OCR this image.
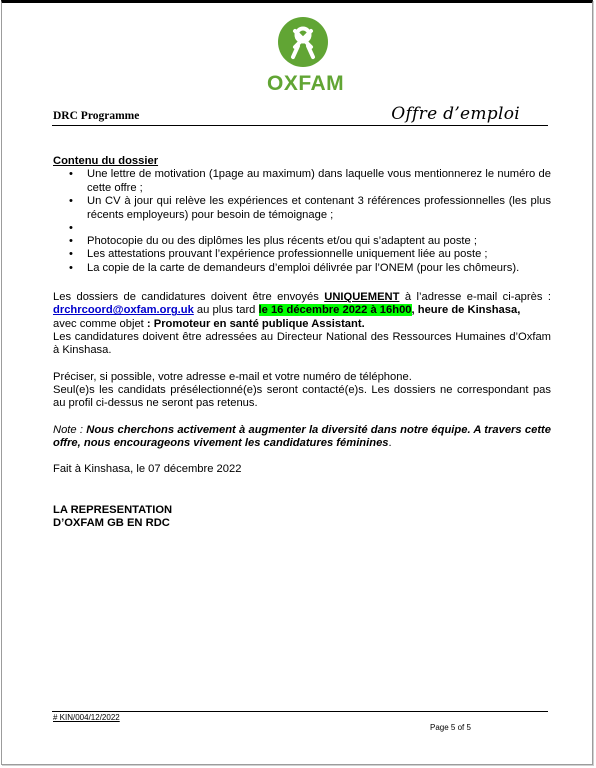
OXFAM
DRC Programme	Offre d’emploi
Contenu du dossier
• Une lettre de motivation (1page au maximum) dans laquelle vous mentionnerez le numéro de cette offre ;
• Un CV à jour qui relève les expériences et contenant 3 références professionnelles (les plus récents employeurs) pour besoin de témoignage ;
•
• Photocopie du ou des diplômes les plus récents et/ou qui s’adaptent au poste ;
• Les attestations prouvant l’expérience professionnelle uniquement liée au poste ;
• La copie de la carte de demandeurs d’emploi délivrée par l’ONEM (pour les chômeurs).
Les dossiers de candidatures doivent être envoyés UNIQUEMENT à l’adresse e-mail ci-après : drchrcoord@oxfam.org.uk au plus tard le 16 décembre 2022 à 16h00, heure de Kinshasa,
avec comme objet : Promoteur en santé publique Assistant.
Les candidatures doivent être adressées au Directeur National des Ressources Humaines d’Oxfam à Kinshasa.
Préciser, si possible, votre adresse e-mail et votre numéro de téléphone.
Seul(e)s les candidats présélectionné(e)s seront contacté(e)s. Les dossiers ne correspondant pas au profil ci-dessus ne seront pas retenus.
Note : Nous cherchons activement à augmenter la diversité dans notre équipe. A travers cette offre, nous encourageons vivement les candidatures féminines.
Fait à Kinshasa, le 07 décembre 2022
LA REPRESENTATION
D’OXFAM GB EN RDC
# KIN/004/12/2022
Page 5 of 5
